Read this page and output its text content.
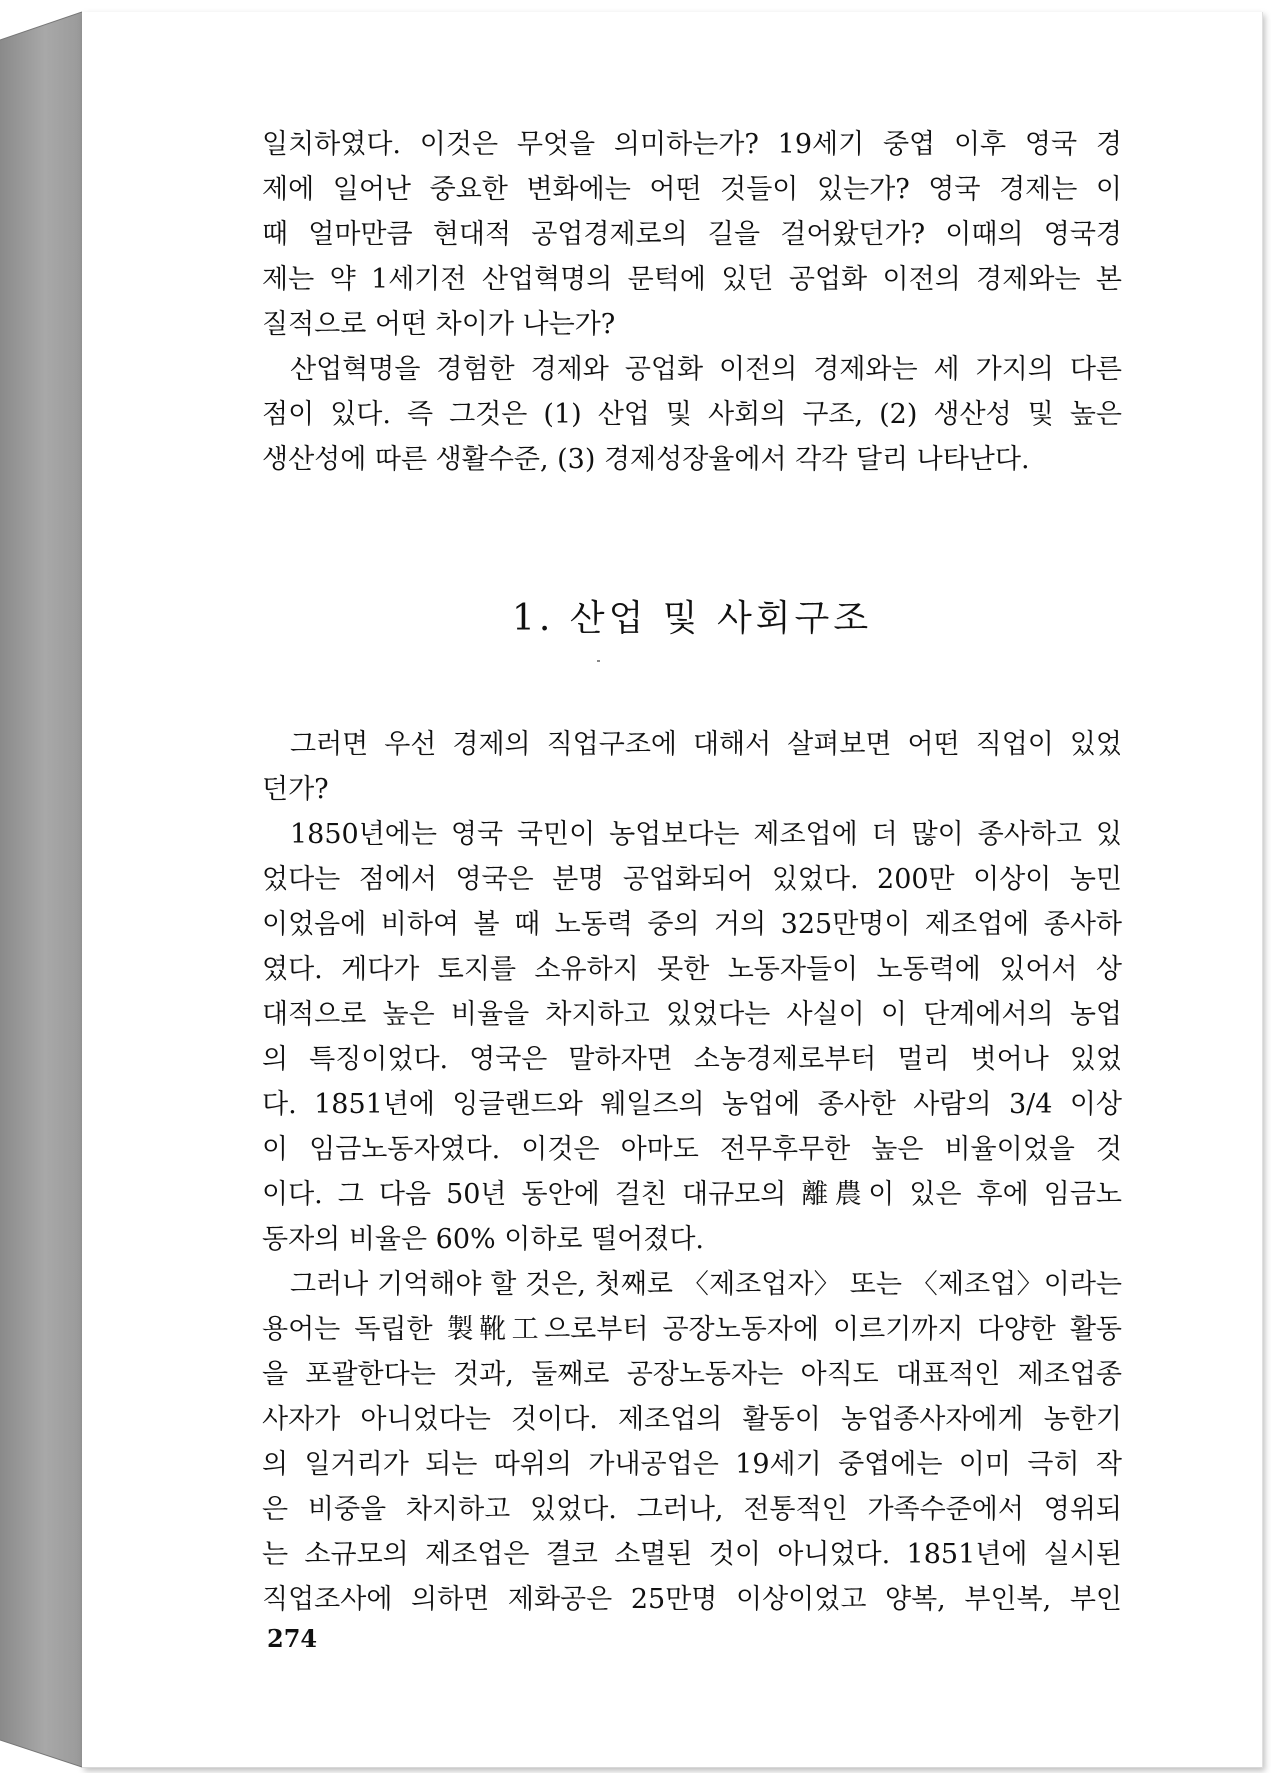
일치하였다. 이것은 무엇을 의미하는가? 19세기 중엽 이후 영국 경
제에 일어난 중요한 변화에는 어떤 것들이 있는가? 영국 경제는 이
때 얼마만큼 현대적 공업경제로의 길을 걸어왔던가? 이때의 영국경
제는 약 1세기전 산업혁명의 문턱에 있던 공업화 이전의 경제와는 본
질적으로 어떤 차이가 나는가?
산업혁명을 경험한 경제와 공업화 이전의 경제와는 세 가지의 다른
점이 있다. 즉 그것은 (1) 산업 및 사회의 구조, (2) 생산성 및 높은
생산성에 따른 생활수준, (3) 경제성장율에서 각각 달리 나타난다.
1. 산업 및 사회구조
그러면 우선 경제의 직업구조에 대해서 살펴보면 어떤 직업이 있었
던가?
1850년에는 영국 국민이 농업보다는 제조업에 더 많이 종사하고 있
었다는 점에서 영국은 분명 공업화되어 있었다. 200만 이상이 농민
이었음에 비하여 볼 때 노동력 중의 거의 325만명이 제조업에 종사하
였다. 게다가 토지를 소유하지 못한 노동자들이 노동력에 있어서 상
대적으로 높은 비율을 차지하고 있었다는 사실이 이 단계에서의 농업
의 특징이었다. 영국은 말하자면 소농경제로부터 멀리 벗어나 있었
다. 1851년에 잉글랜드와 웨일즈의 농업에 종사한 사람의 3/4 이상
이 임금노동자였다. 이것은 아마도 전무후무한 높은 비율이었을 것
이다. 그 다음 50년 동안에 걸친 대규모의 離農이 있은 후에 임금노
동자의 비율은 60% 이하로 떨어졌다.
그러나 기억해야 할 것은, 첫째로 〈제조업자〉 또는 〈제조업〉이라는
용어는 독립한 製靴工으로부터 공장노동자에 이르기까지 다양한 활동
을 포괄한다는 것과, 둘째로 공장노동자는 아직도 대표적인 제조업종
사자가 아니었다는 것이다. 제조업의 활동이 농업종사자에게 농한기
의 일거리가 되는 따위의 가내공업은 19세기 중엽에는 이미 극히 작
은 비중을 차지하고 있었다. 그러나, 전통적인 가족수준에서 영위되
는 소규모의 제조업은 결코 소멸된 것이 아니었다. 1851년에 실시된
직업조사에 의하면 제화공은 25만명 이상이었고 양복, 부인복, 부인
274
